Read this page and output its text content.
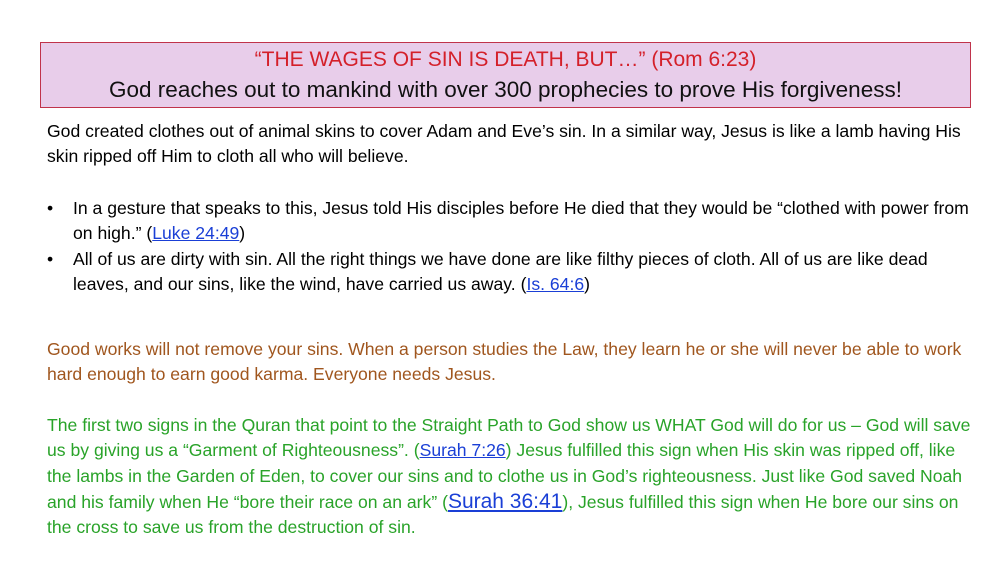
“THE WAGES OF SIN IS DEATH, BUT…” (Rom 6:23)
God reaches out to mankind with over 300 prophecies to prove His forgiveness!
God created clothes out of animal skins to cover Adam and Eve’s sin. In a similar way, Jesus is like a lamb having His skin ripped off Him to cloth all who will believe.
• In a gesture that speaks to this, Jesus told His disciples before He died that they would be “clothed with power from on high.” (Luke 24:49)
• All of us are dirty with sin. All the right things we have done are like filthy pieces of cloth. All of us are like dead leaves, and our sins, like the wind, have carried us away. (Is. 64:6)
Good works will not remove your sins. When a person studies the Law, they learn he or she will never be able to work hard enough to earn good karma. Everyone needs Jesus.
The first two signs in the Quran that point to the Straight Path to God show us WHAT God will do for us – God will save us by giving us a “Garment of Righteousness”. (Surah 7:26) Jesus fulfilled this sign when His skin was ripped off, like the lambs in the Garden of Eden, to cover our sins and to clothe us in God’s righteousness. Just like God saved Noah and his family when He “bore their race on an ark” (Surah 36:41), Jesus fulfilled this sign when He bore our sins on the cross to save us from the destruction of sin.
